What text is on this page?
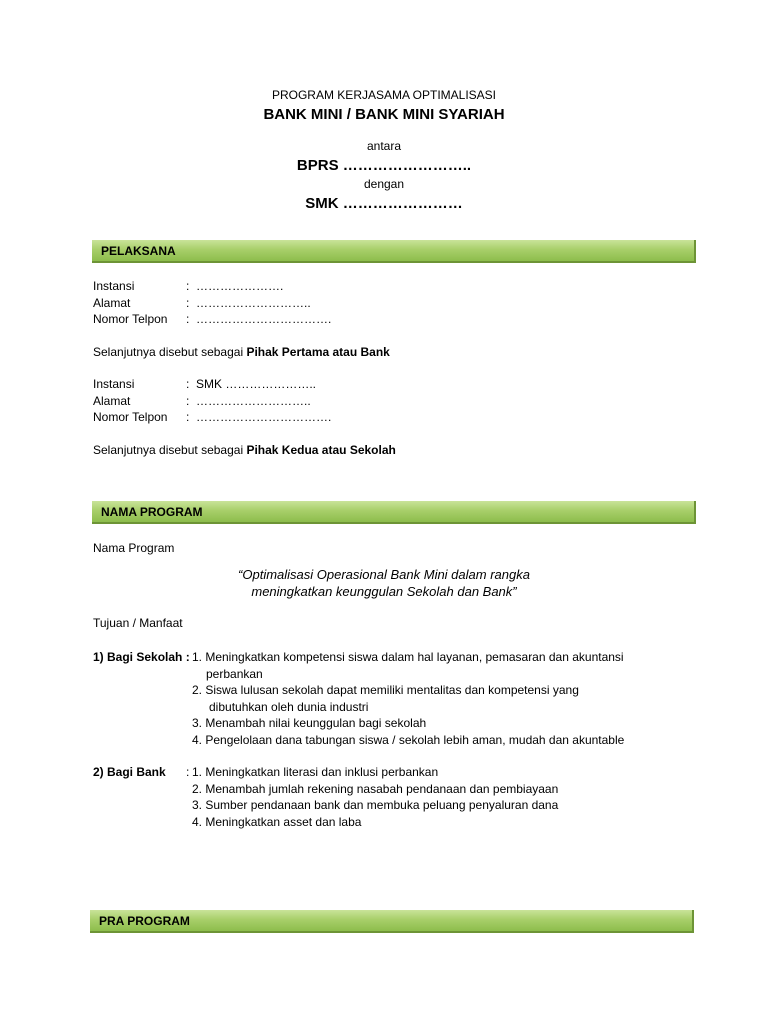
PROGRAM KERJASAMA OPTIMALISASI
BANK MINI / BANK MINI SYARIAH
antara
BPRS ……………………..
dengan
SMK ……………………
PELAKSANA
Instansi	: ………………….
Alamat	: ………………………..
Nomor Telpon : …………………………….
Selanjutnya disebut sebagai Pihak Pertama atau Bank
Instansi	: SMK …………………..
Alamat	: ………………………..
Nomor Telpon : …………………………….
Selanjutnya disebut sebagai Pihak Kedua atau Sekolah
NAMA PROGRAM
Nama Program
“Optimalisasi Operasional Bank Mini dalam rangka
meningkatkan keunggulan Sekolah dan Bank”
Tujuan / Manfaat
1) Bagi Sekolah : 1. Meningkatkan kompetensi siswa dalam hal layanan, pemasaran dan akuntansi
perbankan
2. Siswa lulusan sekolah dapat memiliki mentalitas dan kompetensi yang
dibutuhkan oleh dunia industri
3. Menambah nilai keunggulan bagi sekolah
4. Pengelolaan dana tabungan siswa / sekolah lebih aman, mudah dan akuntable
2) Bagi Bank : 1. Meningkatkan literasi dan inklusi perbankan
2. Menambah jumlah rekening nasabah pendanaan dan pembiayaan
3. Sumber pendanaan bank dan membuka peluang penyaluran dana
4. Meningkatkan asset dan laba
PRA PROGRAM
